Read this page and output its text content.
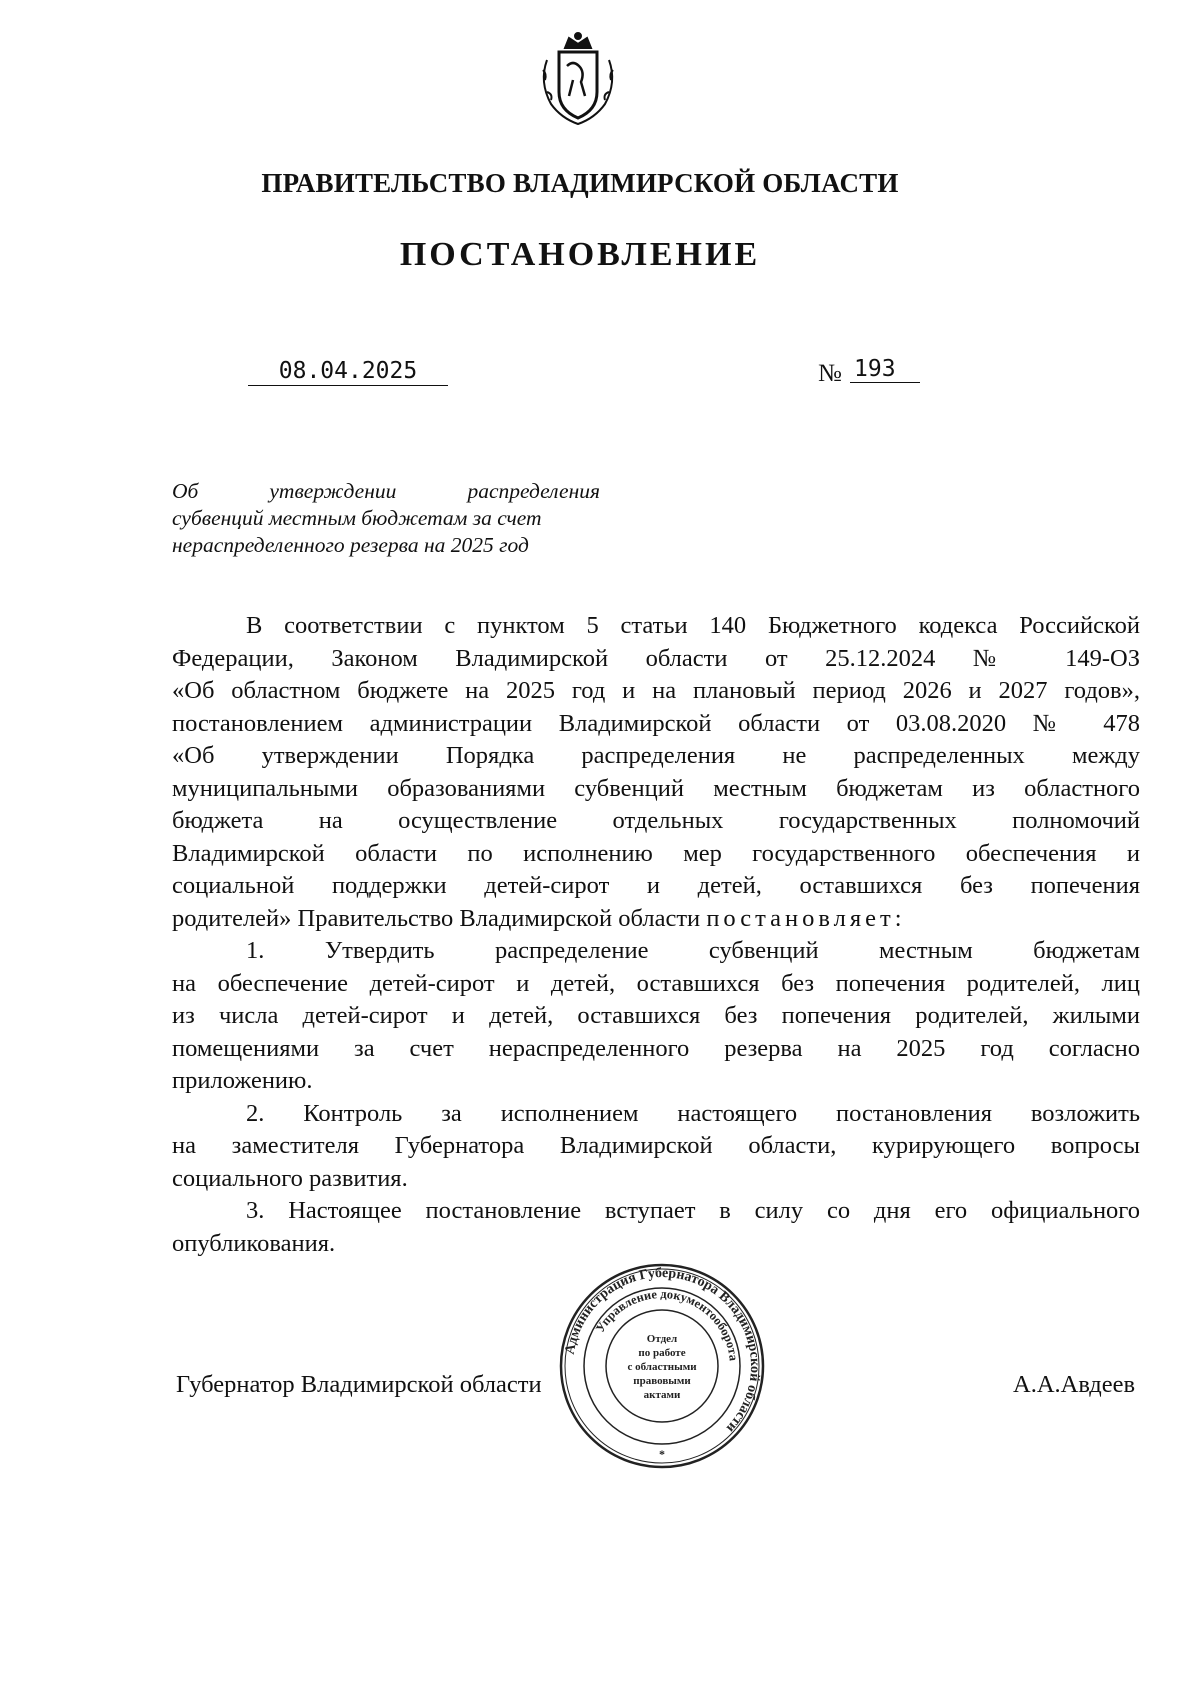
ПРАВИТЕЛЬСТВО ВЛАДИМИРСКОЙ ОБЛАСТИ
ПОСТАНОВЛЕНИЕ
08.04.2025	№ 193
Об утверждении распределения
субвенций местным бюджетам за счет
нераспределенного резерва на 2025 год
В соответствии с пунктом 5 статьи 140 Бюджетного кодекса Российской
Федерации, Законом Владимирской области от 25.12.2024 № 149-ОЗ
«Об областном бюджете на 2025 год и на плановый период 2026 и 2027 годов»,
постановлением администрации Владимирской области от 03.08.2020 № 478
«Об утверждении Порядка распределения не распределенных между
муниципальными образованиями субвенций местным бюджетам из областного
бюджета на осуществление отдельных государственных полномочий
Владимирской области по исполнению мер государственного обеспечения и
социальной поддержки детей-сирот и детей, оставшихся без попечения
родителей» Правительство Владимирской области постановляет:
1. Утвердить распределение субвенций местным бюджетам
на обеспечение детей-сирот и детей, оставшихся без попечения родителей, лиц
из числа детей-сирот и детей, оставшихся без попечения родителей, жилыми
помещениями за счет нераспределенного резерва на 2025 год согласно
приложению.
2. Контроль за исполнением настоящего постановления возложить
на заместителя Губернатора Владимирской области, курирующего вопросы
социального развития.
3. Настоящее постановление вступает в силу со дня его официального
опубликования.
Губернатор Владимирской области	А.А.Авдеев
Администрация Губернатора Владимирской области
Управление документооборота
Отдел
по работе
с областными
правовыми
актами
*
